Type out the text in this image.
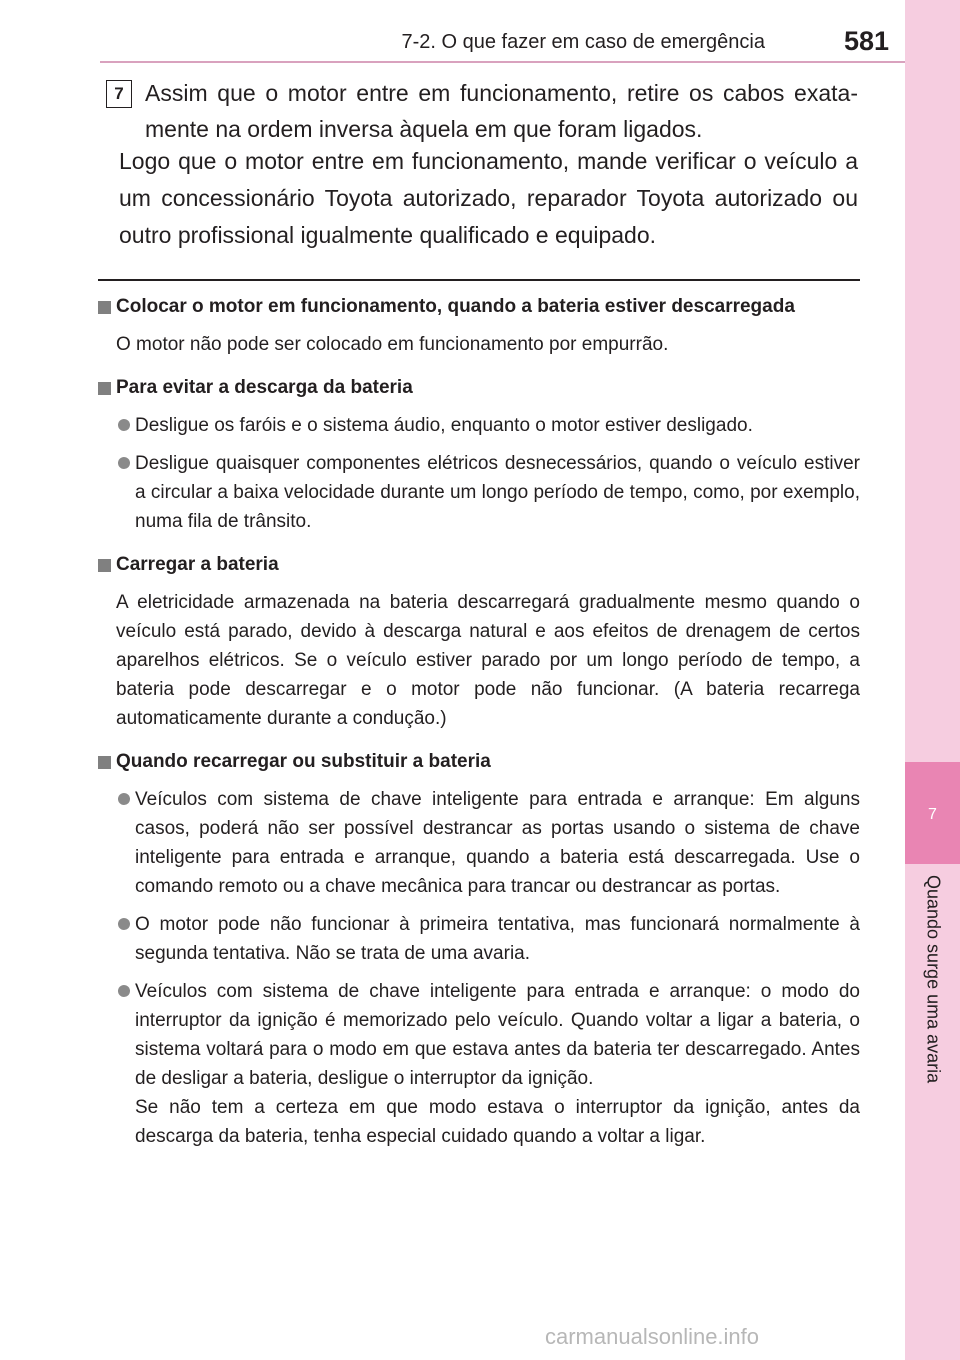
7-2. O que fazer em caso de emergência	581
7
Quando surge uma avaria
7 Assim que o motor entre em funcionamento, retire os cabos exatamente na ordem inversa àquela em que foram ligados.
Logo que o motor entre em funcionamento, mande verificar o veículo a um concessionário Toyota autorizado, reparador Toyota autorizado ou outro profissional igualmente qualificado e equipado.
Colocar o motor em funcionamento, quando a bateria estiver descarregada
O motor não pode ser colocado em funcionamento por empurrão.
Para evitar a descarga da bateria
Desligue os faróis e o sistema áudio, enquanto o motor estiver desligado.
Desligue quaisquer componentes elétricos desnecessários, quando o veículo estiver a circular a baixa velocidade durante um longo período de tempo, como, por exemplo, numa fila de trânsito.
Carregar a bateria
A eletricidade armazenada na bateria descarregará gradualmente mesmo quando o veículo está parado, devido à descarga natural e aos efeitos de drenagem de certos aparelhos elétricos. Se o veículo estiver parado por um longo período de tempo, a bateria pode descarregar e o motor pode não funcionar. (A bateria recarrega automaticamente durante a condução.)
Quando recarregar ou substituir a bateria
Veículos com sistema de chave inteligente para entrada e arranque: Em alguns casos, poderá não ser possível destrancar as portas usando o sistema de chave inteligente para entrada e arranque, quando a bateria está descarregada. Use o comando remoto ou a chave mecânica para trancar ou destrancar as portas.
O motor pode não funcionar à primeira tentativa, mas funcionará normalmente à segunda tentativa. Não se trata de uma avaria.
Veículos com sistema de chave inteligente para entrada e arranque: o modo do interruptor da ignição é memorizado pelo veículo. Quando voltar a ligar a bateria, o sistema voltará para o modo em que estava antes da bateria ter descarregado. Antes de desligar a bateria, desligue o interruptor da ignição.
Se não tem a certeza em que modo estava o interruptor da ignição, antes da descarga da bateria, tenha especial cuidado quando a voltar a ligar.
carmanualsonline.info
